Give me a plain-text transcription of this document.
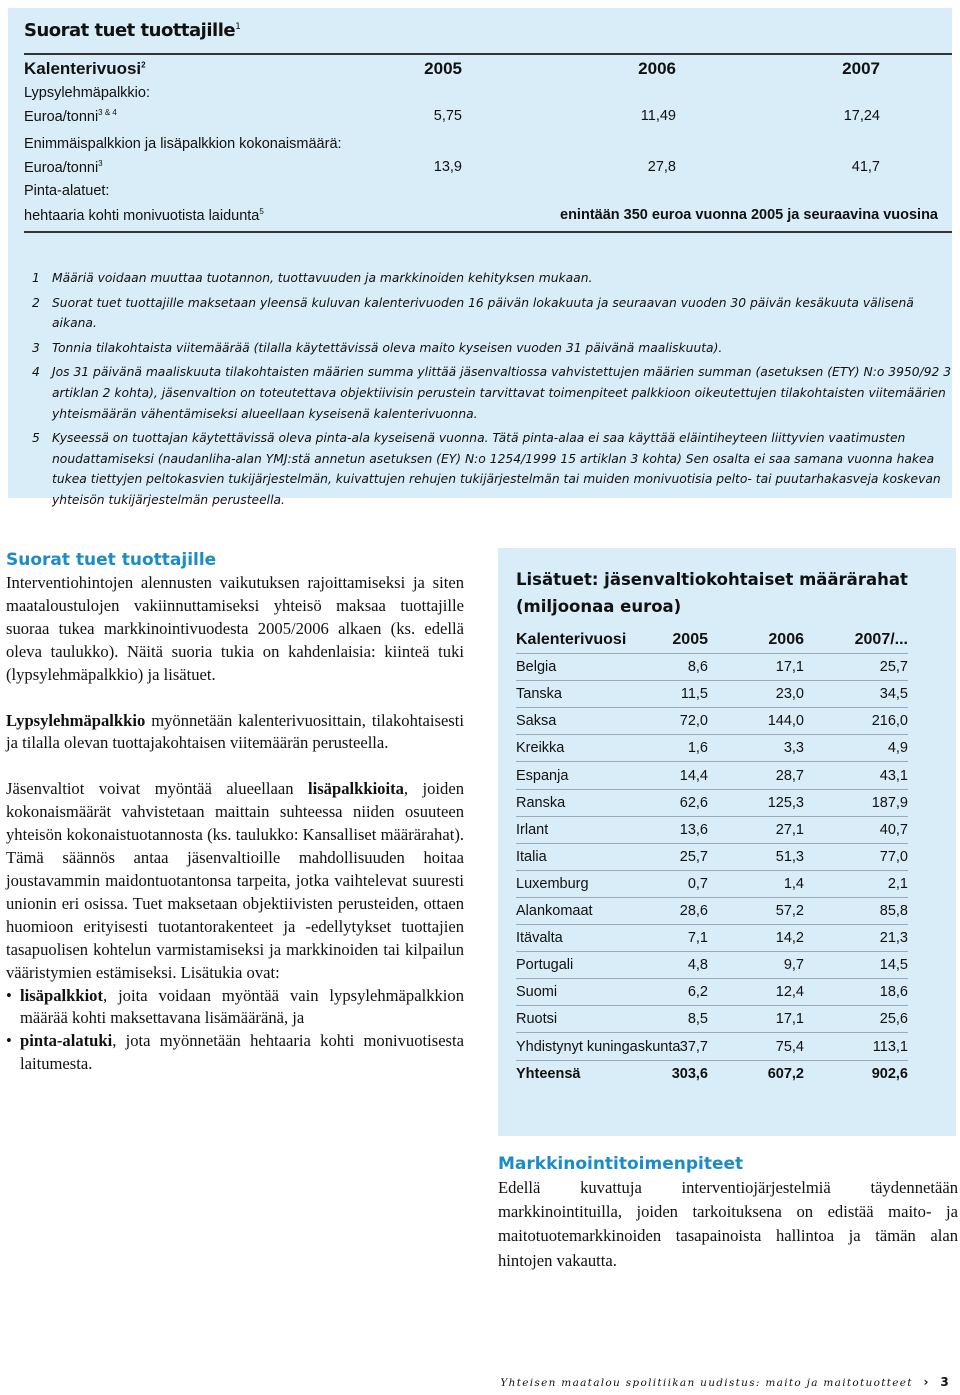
Suorat tuet tuottajille$^1$
Kalenterivuosi$^2$	2005	2006	2007
Lypsylehmäpalkkio:
Euroa/tonni$^{3 \& 4}$	5,75	11,49	17,24
Enimmäispalkkion ja lisäpalkkion kokonaismäärä:
Euroa/tonni$^3$	13,9	27,8	41,7
Pinta-alatuet:
hehtaaria kohti monivuotista laidunta$^5$	enintään 350 euroa vuonna 2005 ja seuraavina vuosina
1 Määriä voidaan muuttaa tuotannon, tuottavuuden ja markkinoiden kehityksen mukaan.
2 Suorat tuet tuottajille maksetaan yleensä kuluvan kalenterivuoden 16 päivän lokakuuta ja seuraavan vuoden 30 päivän kesäkuuta välisenä aikana.
3 Tonnia tilakohtaista viitemäärää (tilalla käytettävissä oleva maito kyseisen vuoden 31 päivänä maaliskuuta).
4 Jos 31 päivänä maaliskuuta tilakohtaisten määrien summa ylittää jäsenvaltiossa vahvistettujen määrien summan (asetuksen (ETY) N:o 3950/92 3 artiklan 2 kohta), jäsenvaltion on toteutettava objektiivisin perustein tarvittavat toimenpiteet palkkioon oikeutettujen tilakohtaisten viitemäärien yhteismäärän vähentämiseksi alueellaan kyseisenä kalenterivuonna.
5 Kyseessä on tuottajan käytettävissä oleva pinta-ala kyseisenä vuonna. Tätä pinta-alaa ei saa käyttää eläintiheyteen liittyvien vaatimusten noudattamiseksi (naudanliha-alan YMJ:stä annetun asetuksen (EY) N:o 1254/1999 15 artiklan 3 kohta) Sen osalta ei saa samana vuonna hakea tukea tiettyjen peltokasvien tukijärjestelmän, kuivattujen rehujen tukijärjestelmän tai muiden monivuotisia pelto- tai puutarhakasveja koskevan yhteisön tukijärjestelmän perusteella.
Suorat tuet tuottajille

Interventiohintojen alennusten vaikutuksen rajoittamiseksi ja siten maataloustulojen vakiinnuttamiseksi yhteisö maksaa tuottajille suoraa tukea markkinointivuodesta 2005/2006 alkaen (ks. edellä oleva taulukko). Näitä suoria tukia on kahdenlaisia: kiinteä tuki (lypsylehmäpalkkio) ja lisätuet.

Lypsylehmäpalkkio myönnetään kalenterivuosittain, tilakohtaisesti ja tilalla olevan tuottajakohtaisen viitemäärän perusteella.

Jäsenvaltiot voivat myöntää alueellaan lisäpalkkioita, joiden kokonaismäärät vahvistetaan maittain suhteessa niiden osuuteen yhteisön kokonaistuotannosta (ks. taulukko: Kansalliset määrärahat). Tämä säännös antaa jäsenvaltioille mahdollisuuden hoitaa joustavammin maidontuotantonsa tarpeita, jotka vaihtelevat suuresti unionin eri osissa. Tuet maksetaan objektiivisten perusteiden, ottaen huomioon erityisesti tuotantorakenteet ja -edellytykset tuottajien tasapuolisen kohtelun varmistamiseksi ja markkinoiden tai kilpailun vääristymien estämiseksi. Lisätukia ovat:

• lisäpalkkiot, joita voidaan myöntää vain lypsylehmäpalkkion määrää kohti maksettavana lisämääränä, ja
• pinta-alatuki, jota myönnetään hehtaaria kohti monivuotisesta laitumesta.
Lisätuet: jäsenvaltiokohtaiset määrärahat (miljoonaa euroa)
Kalenterivuosi	2005	2006	2007/...
Belgia	8,6	17,1	25,7
Tanska	11,5	23,0	34,5
Saksa	72,0	144,0	216,0
Kreikka	1,6	3,3	4,9
Espanja	14,4	28,7	43,1
Ranska	62,6	125,3	187,9
Irlant	13,6	27,1	40,7
Italia	25,7	51,3	77,0
Luxemburg	0,7	1,4	2,1
Alankomaat	28,6	57,2	85,8
Itävalta	7,1	14,2	21,3
Portugali	4,8	9,7	14,5
Suomi	6,2	12,4	18,6
Ruotsi	8,5	17,1	25,6
Yhdistynyt kuningaskunta 37,7	75,4	113,1
Yhteensä	303,6	607,2	902,6
Markkinointitoimenpiteet

Edellä kuvattuja interventiojärjestelmiä täydennetään markkinointituilla, joiden tarkoituksena on edistää maito- ja maitotuotemarkkinoiden tasapainoista hallintoa ja tämän alan hintojen vakautta.

Yhteisen maatalou spolitiikan uudistus: maito ja maitotuotteet › 3
